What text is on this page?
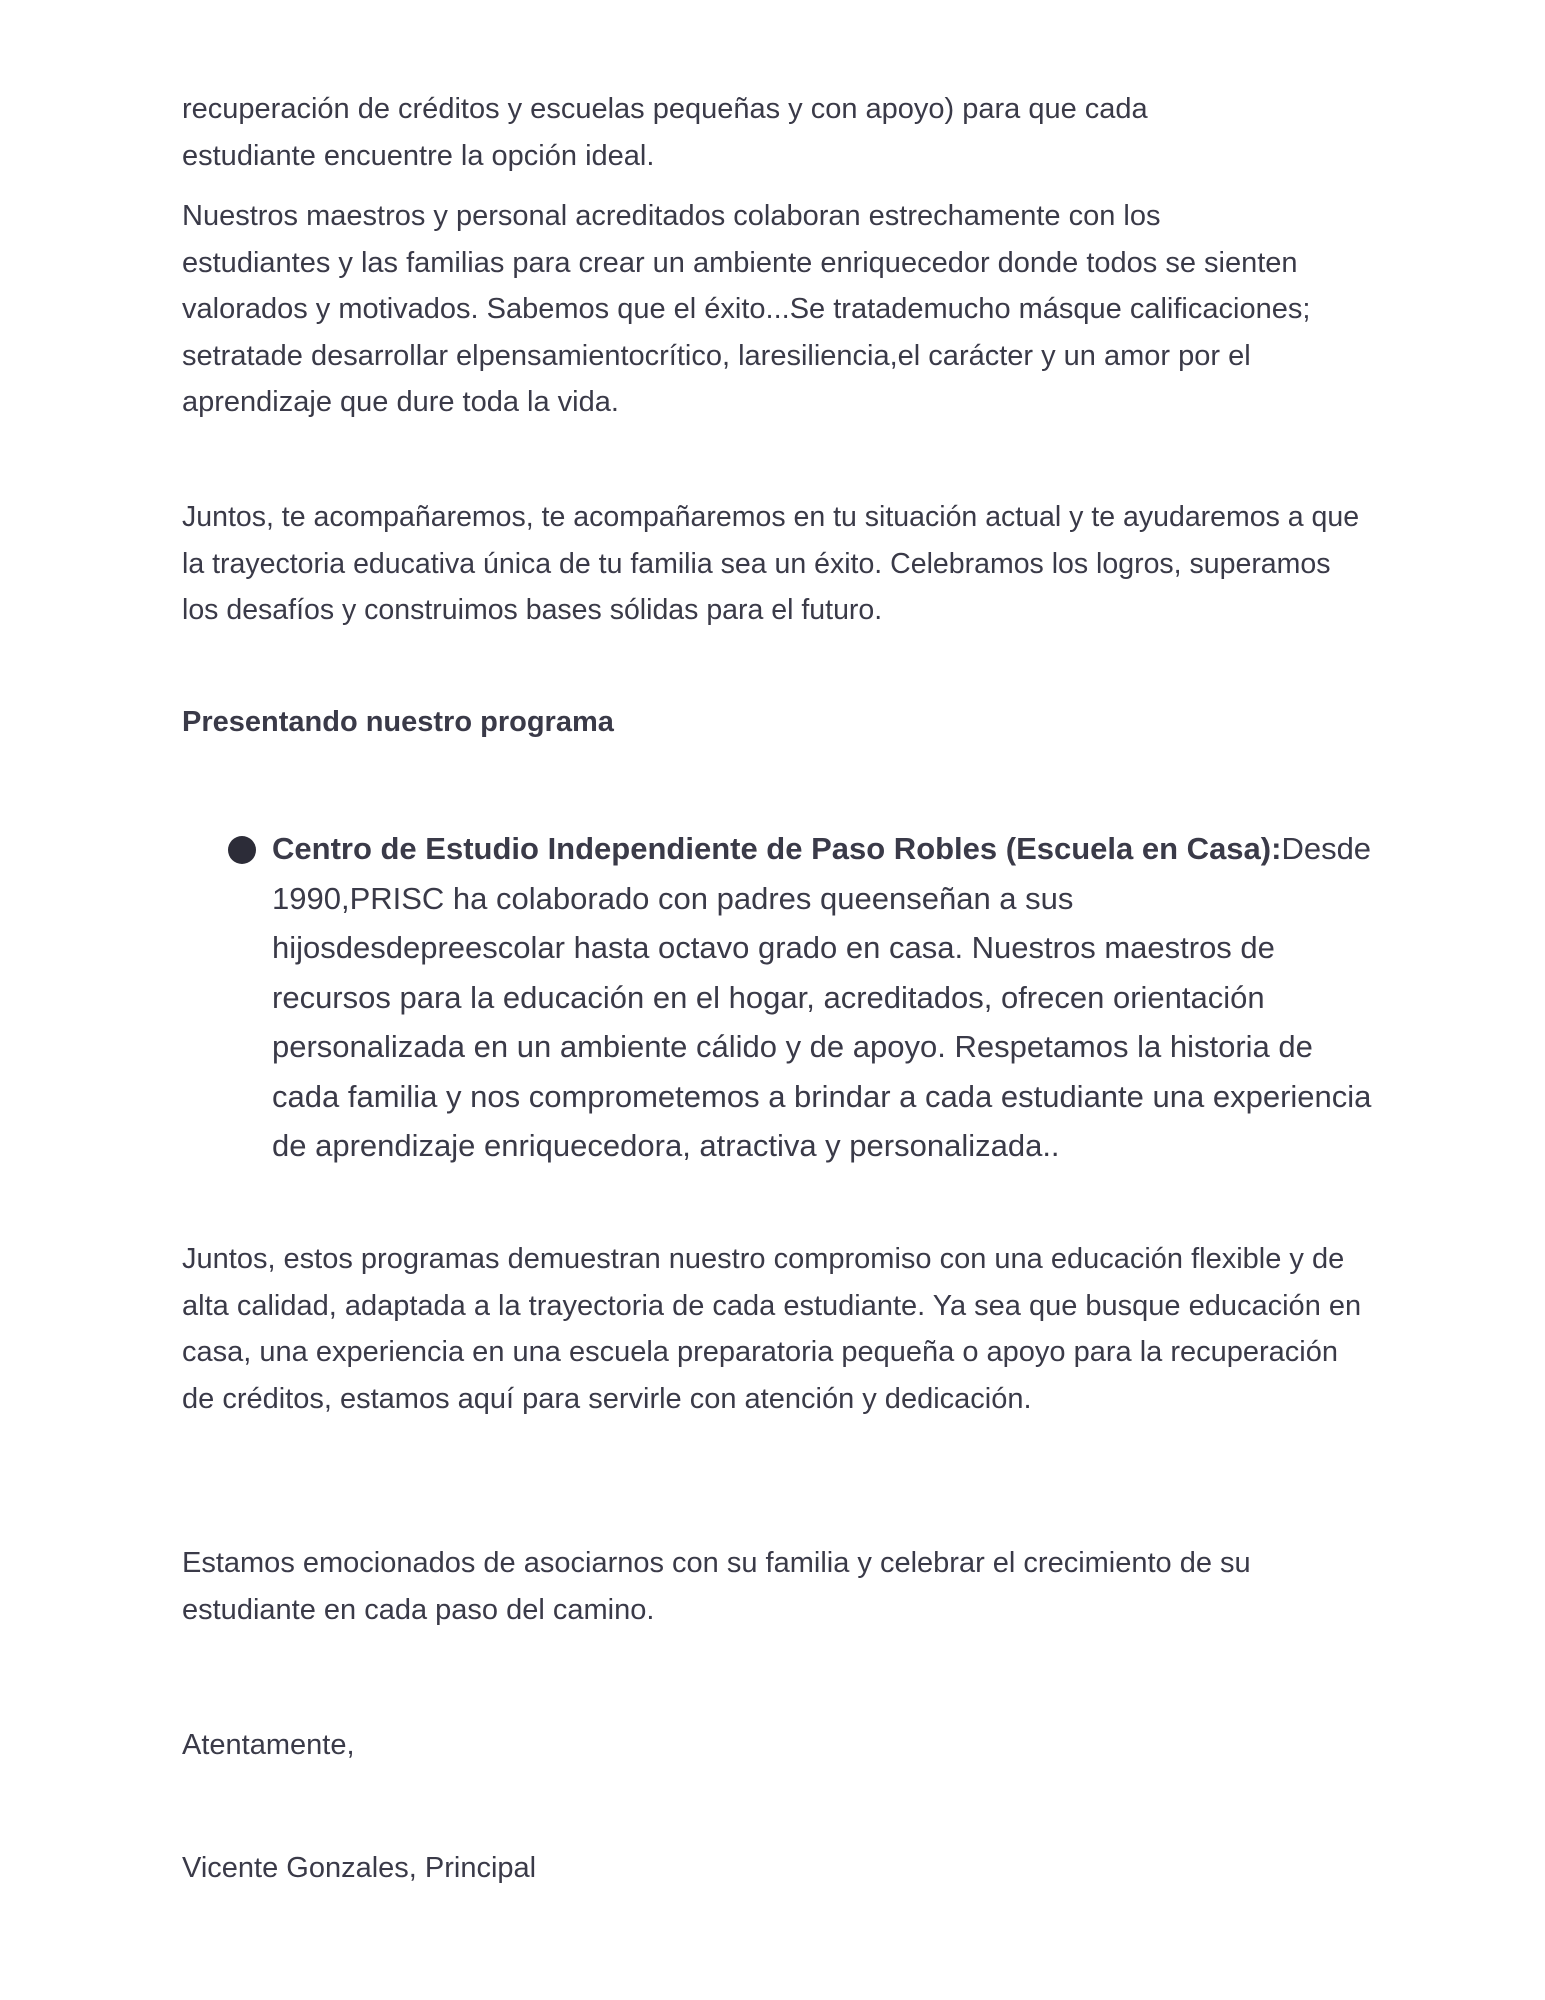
recuperación de créditos y escuelas pequeñas y con apoyo) para que cada estudiante encuentre la opción ideal.

Nuestros maestros y personal acreditados colaboran estrechamente con los estudiantes y las familias para crear un ambiente enriquecedor donde todos se sienten valorados y motivados. Sabemos que el éxito...Se tratademucho másque calificaciones; setratade desarrollar elpensamientocrítico, laresiliencia,el carácter y un amor por el aprendizaje que dure toda la vida.

Juntos, te acompañaremos, te acompañaremos en tu situación actual y te ayudaremos a que la trayectoria educativa única de tu familia sea un éxito. Celebramos los logros, superamos los desafíos y construimos bases sólidas para el futuro.

Presentando nuestro programa

Centro de Estudio Independiente de Paso Robles (Escuela en Casa):Desde 1990,PRISC ha colaborado con padres queenseñan a sus hijosdesdepreescolar hasta octavo grado en casa. Nuestros maestros de recursos para la educación en el hogar, acreditados, ofrecen orientación personalizada en un ambiente cálido y de apoyo. Respetamos la historia de cada familia y nos comprometemos a brindar a cada estudiante una experiencia de aprendizaje enriquecedora, atractiva y personalizada..

Juntos, estos programas demuestran nuestro compromiso con una educación flexible y de alta calidad, adaptada a la trayectoria de cada estudiante. Ya sea que busque educación en casa, una experiencia en una escuela preparatoria pequeña o apoyo para la recuperación de créditos, estamos aquí para servirle con atención y dedicación.

Estamos emocionados de asociarnos con su familia y celebrar el crecimiento de su estudiante en cada paso del camino.

Atentamente,

Vicente Gonzales, Principal
